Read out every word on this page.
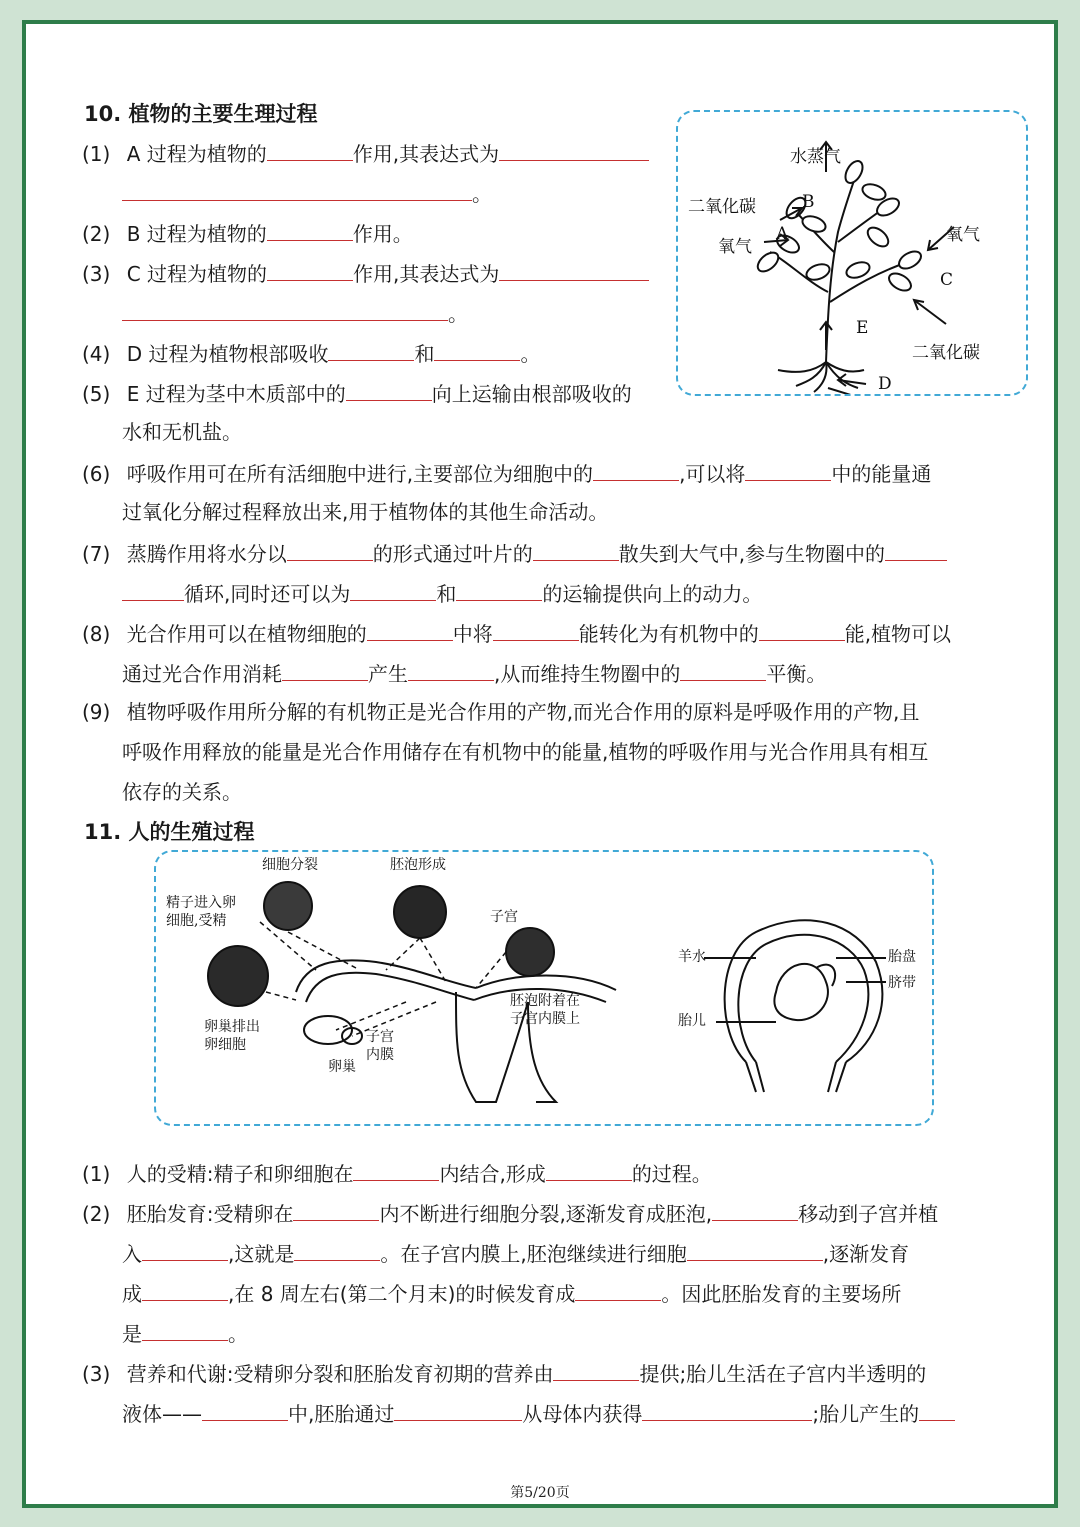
10. 植物的主要生理过程
(1) A 过程为植物的	作用,其表达式为
。
(2) B 过程为植物的	作用。
(3) C 过程为植物的	作用,其表达式为
。
(4) D 过程为植物根部吸收	和	。
(5) E 过程为茎中木质部中的	向上运输由根部吸收的
水和无机盐。
(6) 呼吸作用可在所有活细胞中进行,主要部位为细胞中的	,可以将	中的能量通
过氧化分解过程释放出来,用于植物体的其他生命活动。
(7) 蒸腾作用将水分以	的形式通过叶片的	散失到大气中,参与生物圈中的
循环,同时还可以为	和	的运输提供向上的动力。
(8) 光合作用可以在植物细胞的	中将	能转化为有机物中的	能,植物可以
通过光合作用消耗	产生	,从而维持生物圈中的	平衡。
(9) 植物呼吸作用所分解的有机物正是光合作用的产物,而光合作用的原料是呼吸作用的产物,且
呼吸作用释放的能量是光合作用储存在有机物中的能量,植物的呼吸作用与光合作用具有相互
依存的关系。
水蒸气
二氧化碳	B
氧气
A	氧气
C
E
二氧化碳
D
11. 人的生殖过程
细胞分裂	胚泡形成
精子进入卵
细胞,受精	子宫
卵巢排出
卵细胞	子宫
内膜
卵巢
胚泡附着在
子宫内膜上
羊水	胎盘
脐带
胎儿
(1) 人的受精:精子和卵细胞在	内结合,形成	的过程。
(2) 胚胎发育:受精卵在	内不断进行细胞分裂,逐渐发育成胚泡,	移动到子宫并植
入	,这就是	。在子宫内膜上,胚泡继续进行细胞	,逐渐发育
成	,在 8 周左右(第二个月末)的时候发育成	。因此胚胎发育的主要场所
是	。
(3) 营养和代谢:受精卵分裂和胚胎发育初期的营养由	提供;胎儿生活在子宫内半透明的
液体——	中,胚胎通过	从母体内获得	;胎儿产生的
第5/20页
